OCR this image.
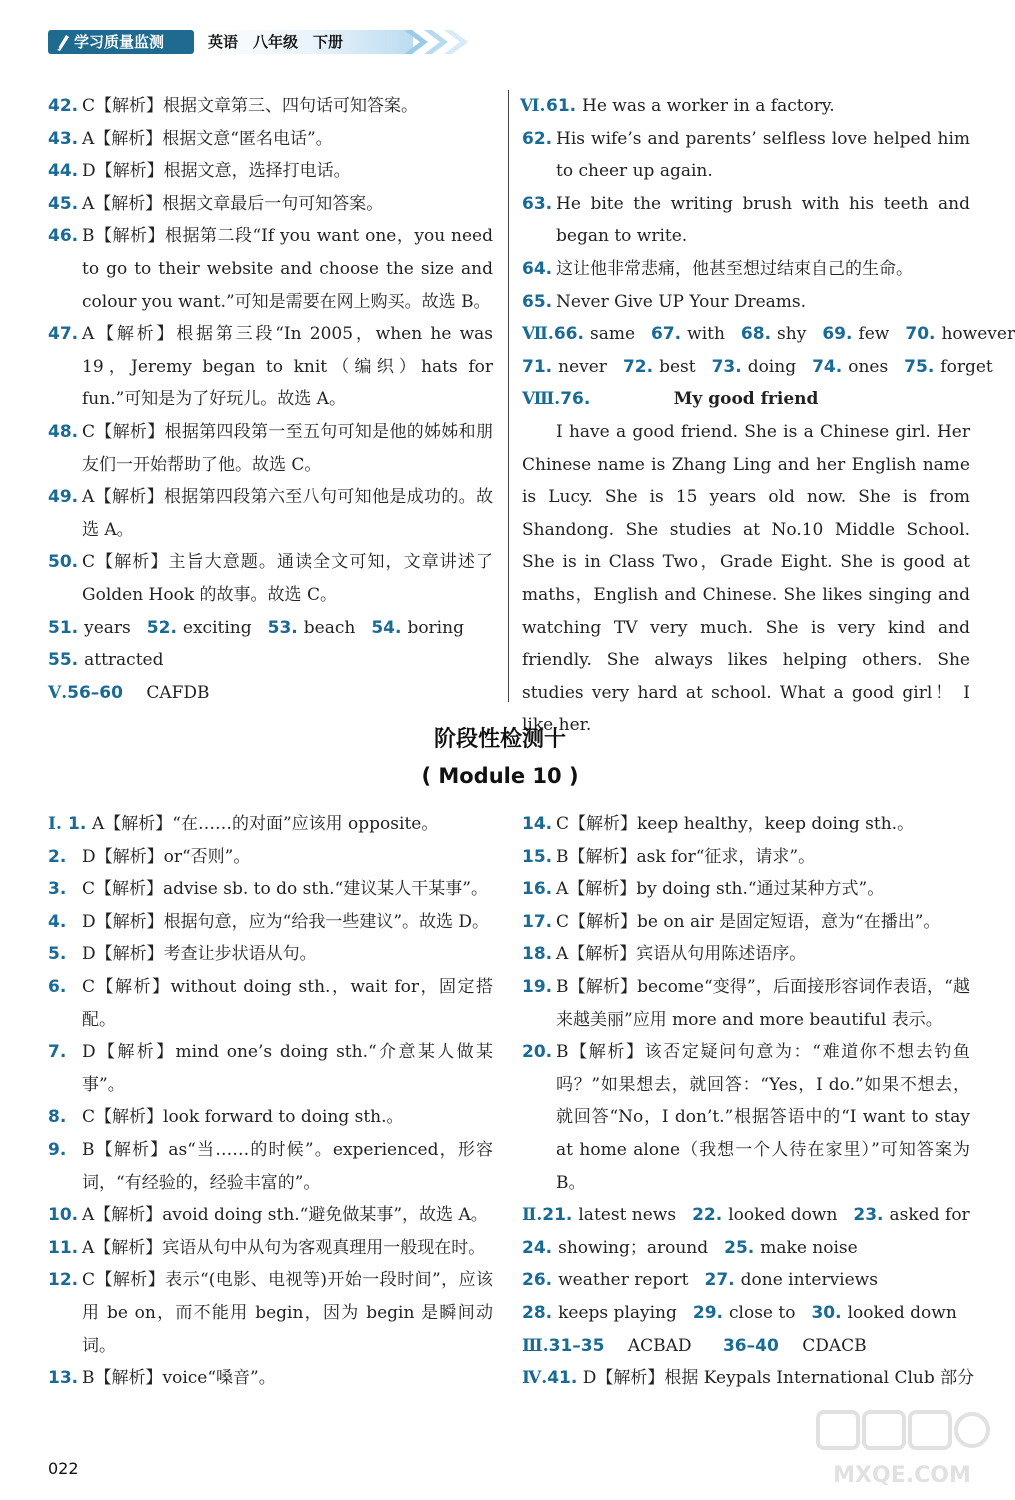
学习质量监测	英语　八年级　下册
42. C【解析】根据文章第三、四句话可知答案。
43. A【解析】根据文意“匿名电话”。
44. D【解析】根据文意，选择打电话。
45. A【解析】根据文章最后一句可知答案。
46. B【解析】根据第二段“If you want one，you need to go to their website and choose the size and colour you want.”可知是需要在网上购买。故选 B。
47. A【解析】根据第三段“In 2005，when he was 19，Jeremy began to knit（编织）hats for fun.”可知是为了好玩儿。故选 A。
48. C【解析】根据第四段第一至五句可知是他的姊姊和朋友们一开始帮助了他。故选 C。
49. A【解析】根据第四段第六至八句可知他是成功的。故选 A。
50. C【解析】主旨大意题。通读全文可知，文章讲述了 Golden Hook 的故事。故选 C。
51. years 52. exciting 53. beach 54. boring
55. attracted
Ⅴ.56–60 CAFDB
Ⅵ. 61. He was a worker in a factory.
62. His wife’s and parents’ selfless love helped him to cheer up again.
63. He bite the writing brush with his teeth and began to write.
64. 这让他非常悲痛，他甚至想过结束自己的生命。
65. Never Give UP Your Dreams.
Ⅶ.66. same 67. with 68. shy 69. few 70. however
71. never 72. best 73. doing 74. ones 75. forget
Ⅷ.76.	My good friend
I have a good friend. She is a Chinese girl. Her Chinese name is Zhang Ling and her English name is Lucy. She is 15 years old now. She is from Shandong. She studies at No.10 Middle School. She is in Class Two，Grade Eight. She is good at maths，English and Chinese. She likes singing and watching TV very much. She is very kind and friendly. She always likes helping others. She studies very hard at school. What a good girl！ I like her.
阶段性检测十
( Module 10 )
Ⅰ. 1. A【解析】“在……的对面”应该用 opposite。
2. D【解析】or“否则”。
3. C【解析】advise sb. to do sth.“建议某人干某事”。
4. D【解析】根据句意，应为“给我一些建议”。故选 D。
5. D【解析】考查让步状语从句。
6. C【解析】without doing sth.，wait for，固定搭配。
7. D【解析】mind one’s doing sth.“介意某人做某事”。
8. C【解析】look forward to doing sth.。
9. B【解析】as“当……的时候”。experienced，形容词，“有经验的，经验丰富的”。
10. A【解析】avoid doing sth.“避免做某事”，故选 A。
11. A【解析】宾语从句中从句为客观真理用一般现在时。
12. C【解析】表示“(电影、电视等)开始一段时间”，应该用 be on，而不能用 begin，因为 begin 是瞬间动词。
13. B【解析】voice“嗓音”。
14. C【解析】keep healthy，keep doing sth.。
15. B【解析】ask for“征求，请求”。
16. A【解析】by doing sth.“通过某种方式”。
17. C【解析】be on air 是固定短语，意为“在播出”。
18. A【解析】宾语从句用陈述语序。
19. B【解析】become“变得”，后面接形容词作表语，“越来越美丽”应用 more and more beautiful 表示。
20. B【解析】该否定疑问句意为：“难道你不想去钓鱼吗？”如果想去，就回答：“Yes，I do.”如果不想去，就回答“No，I don’t.”根据答语中的“I want to stay at home alone（我想一个人待在家里）”可知答案为 B。
Ⅱ.21. latest news 22. looked down 23. asked for
24. showing；around 25. make noise
26. weather report 27. done interviews
28. keeps playing 29. close to 30. looked down
Ⅲ.31–35 ACBAD 36–40 CDACB
Ⅳ.41. D【解析】根据 Keypals International Club 部分
022	MXQE.COM
